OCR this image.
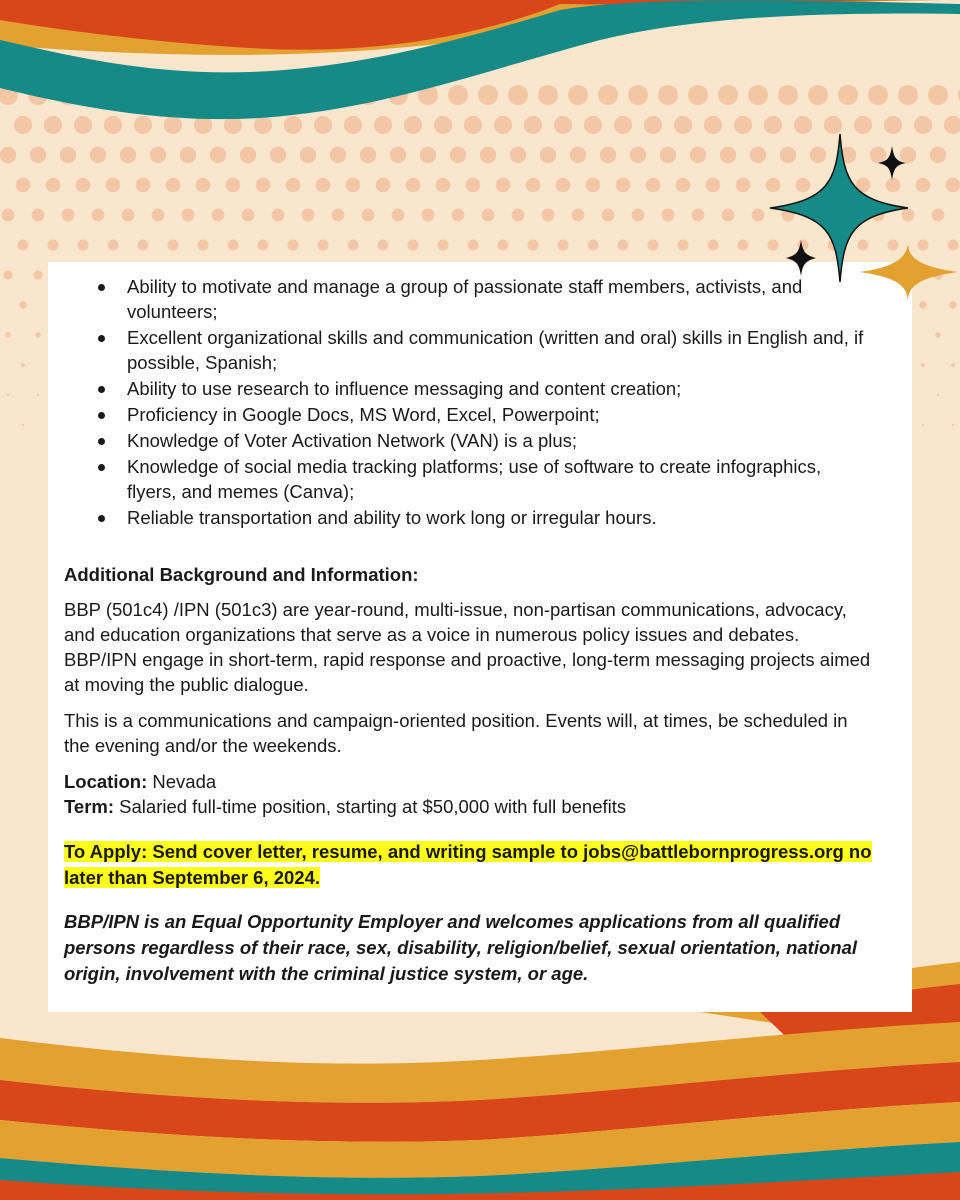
Ability to motivate and manage a group of passionate staff members, activists, and volunteers;
Excellent organizational skills and communication (written and oral) skills in English and, if possible, Spanish;
Ability to use research to influence messaging and content creation;
Proficiency in Google Docs, MS Word, Excel, Powerpoint;
Knowledge of Voter Activation Network (VAN) is a plus;
Knowledge of social media tracking platforms; use of software to create infographics, flyers, and memes (Canva);
Reliable transportation and ability to work long or irregular hours.
Additional Background and Information:

BBP (501c4) /IPN (501c3) are year-round, multi-issue, non-partisan communications, advocacy, and education organizations that serve as a voice in numerous policy issues and debates. BBP/IPN engage in short-term, rapid response and proactive, long-term messaging projects aimed at moving the public dialogue.

This is a communications and campaign-oriented position. Events will, at times, be scheduled in the evening and/or the weekends.

Location: Nevada

Term: Salaried full-time position, starting at $50,000 with full benefits

To Apply: Send cover letter, resume, and writing sample to jobs@battlebornprogress.org no later than September 6, 2024.

BBP/IPN is an Equal Opportunity Employer and welcomes applications from all qualified persons regardless of their race, sex, disability, religion/belief, sexual orientation, national origin, involvement with the criminal justice system, or age.
